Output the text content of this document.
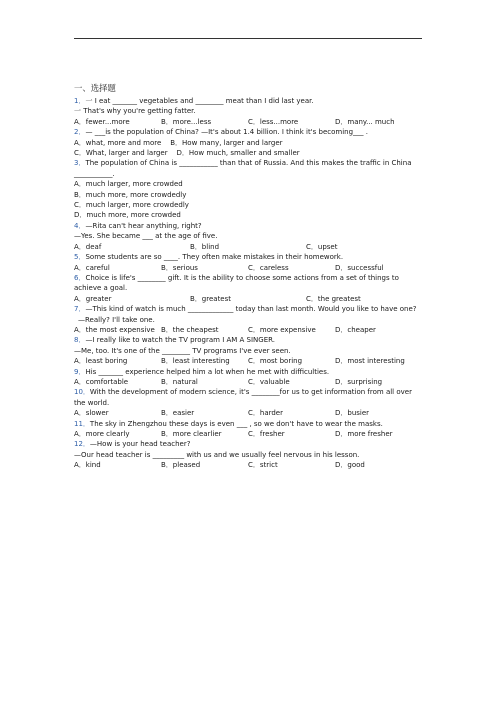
一、选择题
1．一 I eat _______ vegetables and ________ meat than I did last year.
一 That's why you're getting fatter.
A．fewer...more	B．more...less	C．less...more	D．many... much
2．— ___is the population of China? —It's about 1.4 billion. I think it's becoming___ .
A．what, more and more B．How many, larger and larger
C．What, larger and larger D．How much, smaller and smaller
3．The population of China is ___________ than that of Russia. And this makes the traffic in China ___________.
A．much larger, more crowded
B．much more, more crowdedly
C．much larger, more crowdedly
D．much more, more crowded
4．—Rita can't hear anything, right?
—Yes. She became ___ at the age of five.
A．deaf	B．blind	C．upset
5．Some students are so ____. They often make mistakes in their homework.
A．careful	B．serious	C．careless	D．successful
6．Choice is life's ________ gift. It is the ability to choose some actions from a set of things to achieve a goal.
A．greater	B．greatest	C．the greatest
7．—This kind of watch is much _____________ today than last month. Would you like to have one?
—Really? I'll take one.
A．the most expensive B．the cheapest	C．more expensive	D．cheaper
8．—I really like to watch the TV program I AM A SINGER.
—Me, too. It's one of the ________ TV programs I've ever seen.
A．least boring	B．least interesting	C．most boring	D．most interesting
9．His _______ experience helped him a lot when he met with difficulties.
A．comfortable	B．natural	C．valuable	D．surprising
10．With the development of modern science, it's ________for us to get information from all over the world.
A．slower	B．easier	C．harder	D．busier
11．The sky in Zhengzhou these days is even ___ , so we don't have to wear the masks.
A．more clearly	B．more clearlier	C．fresher	D．more fresher
12．—How is your head teacher?
—Our head teacher is _________ with us and we usually feel nervous in his lesson.
A．kind	B．pleased	C．strict	D．good
